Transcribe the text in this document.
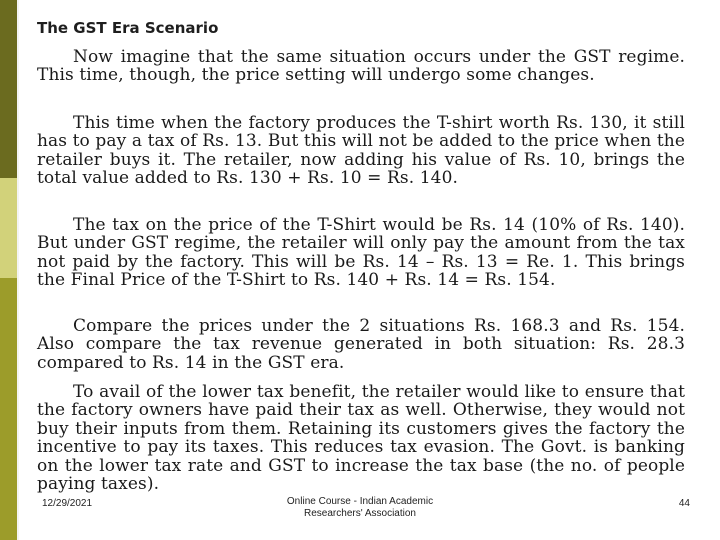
The GST Era Scenario

Now imagine that the same situation occurs under the GST regime. This time, though, the price setting will undergo some changes.

This time when the factory produces the T-shirt worth Rs. 130, it still has to pay a tax of Rs. 13. But this will not be added to the price when the retailer buys it. The retailer, now adding his value of Rs. 10, brings the total value added to Rs. 130 + Rs. 10 = Rs. 140.

The tax on the price of the T-Shirt would be Rs. 14 (10% of Rs. 140). But under GST regime, the retailer will only pay the amount from the tax not paid by the factory. This will be Rs. 14 – Rs. 13 = Re. 1. This brings the Final Price of the T-Shirt to Rs. 140 + Rs. 14 = Rs. 154.

Compare the prices under the 2 situations Rs. 168.3 and Rs. 154. Also compare the tax revenue generated in both situation: Rs. 28.3 compared to Rs. 14 in the GST era.

To avail of the lower tax benefit, the retailer would like to ensure that the factory owners have paid their tax as well. Otherwise, they would not buy their inputs from them. Retaining its customers gives the factory the incentive to pay its taxes. This reduces tax evasion. The Govt. is banking on the lower tax rate and GST to increase the tax base (the no. of people paying taxes).

12/29/2021	Online Course - Indian Academic
Researchers' Association
44
